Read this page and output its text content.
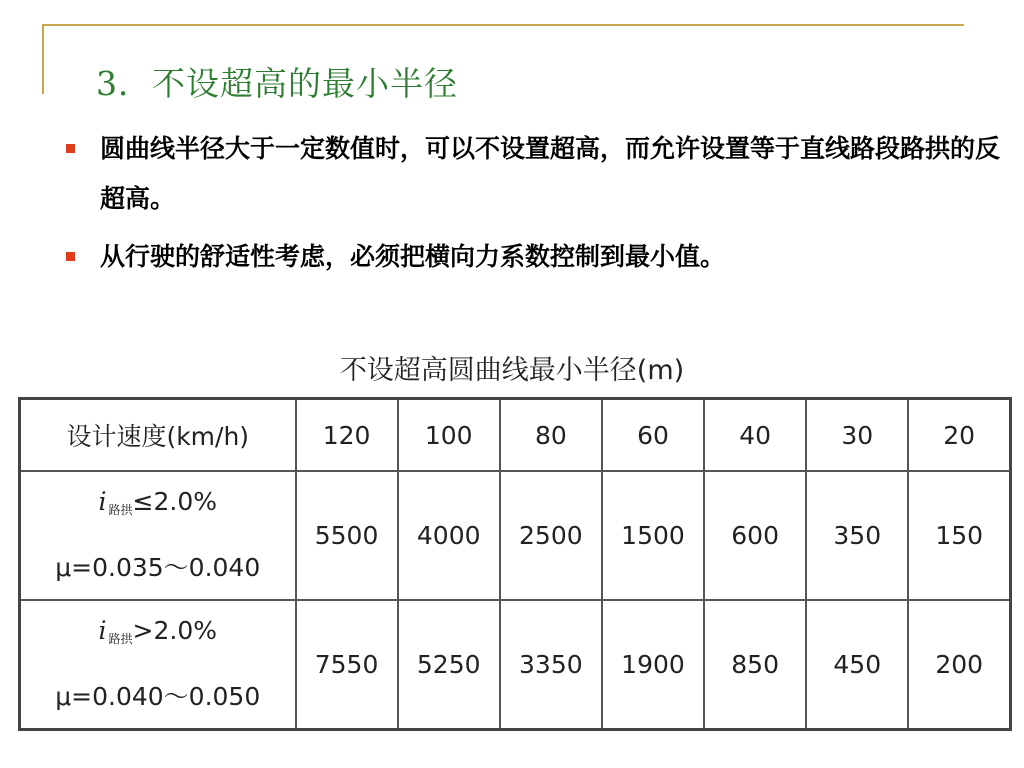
3．不设超高的最小半径
圆曲线半径大于一定数值时，可以不设置超高，而允许设置等于直线路段路拱的反超高。
从行驶的舒适性考虑，必须把横向力系数控制到最小值。
不设超高圆曲线最小半径(m)
设计速度(km/h)	120	100	80	60	40	30	20

i路拱≤2.0%
μ=0.035～0.040	5500	4000	2500	1500	600	350	150

i路拱>2.0%
μ=0.040～0.050	7550	5250	3350	1900	850	450	200
